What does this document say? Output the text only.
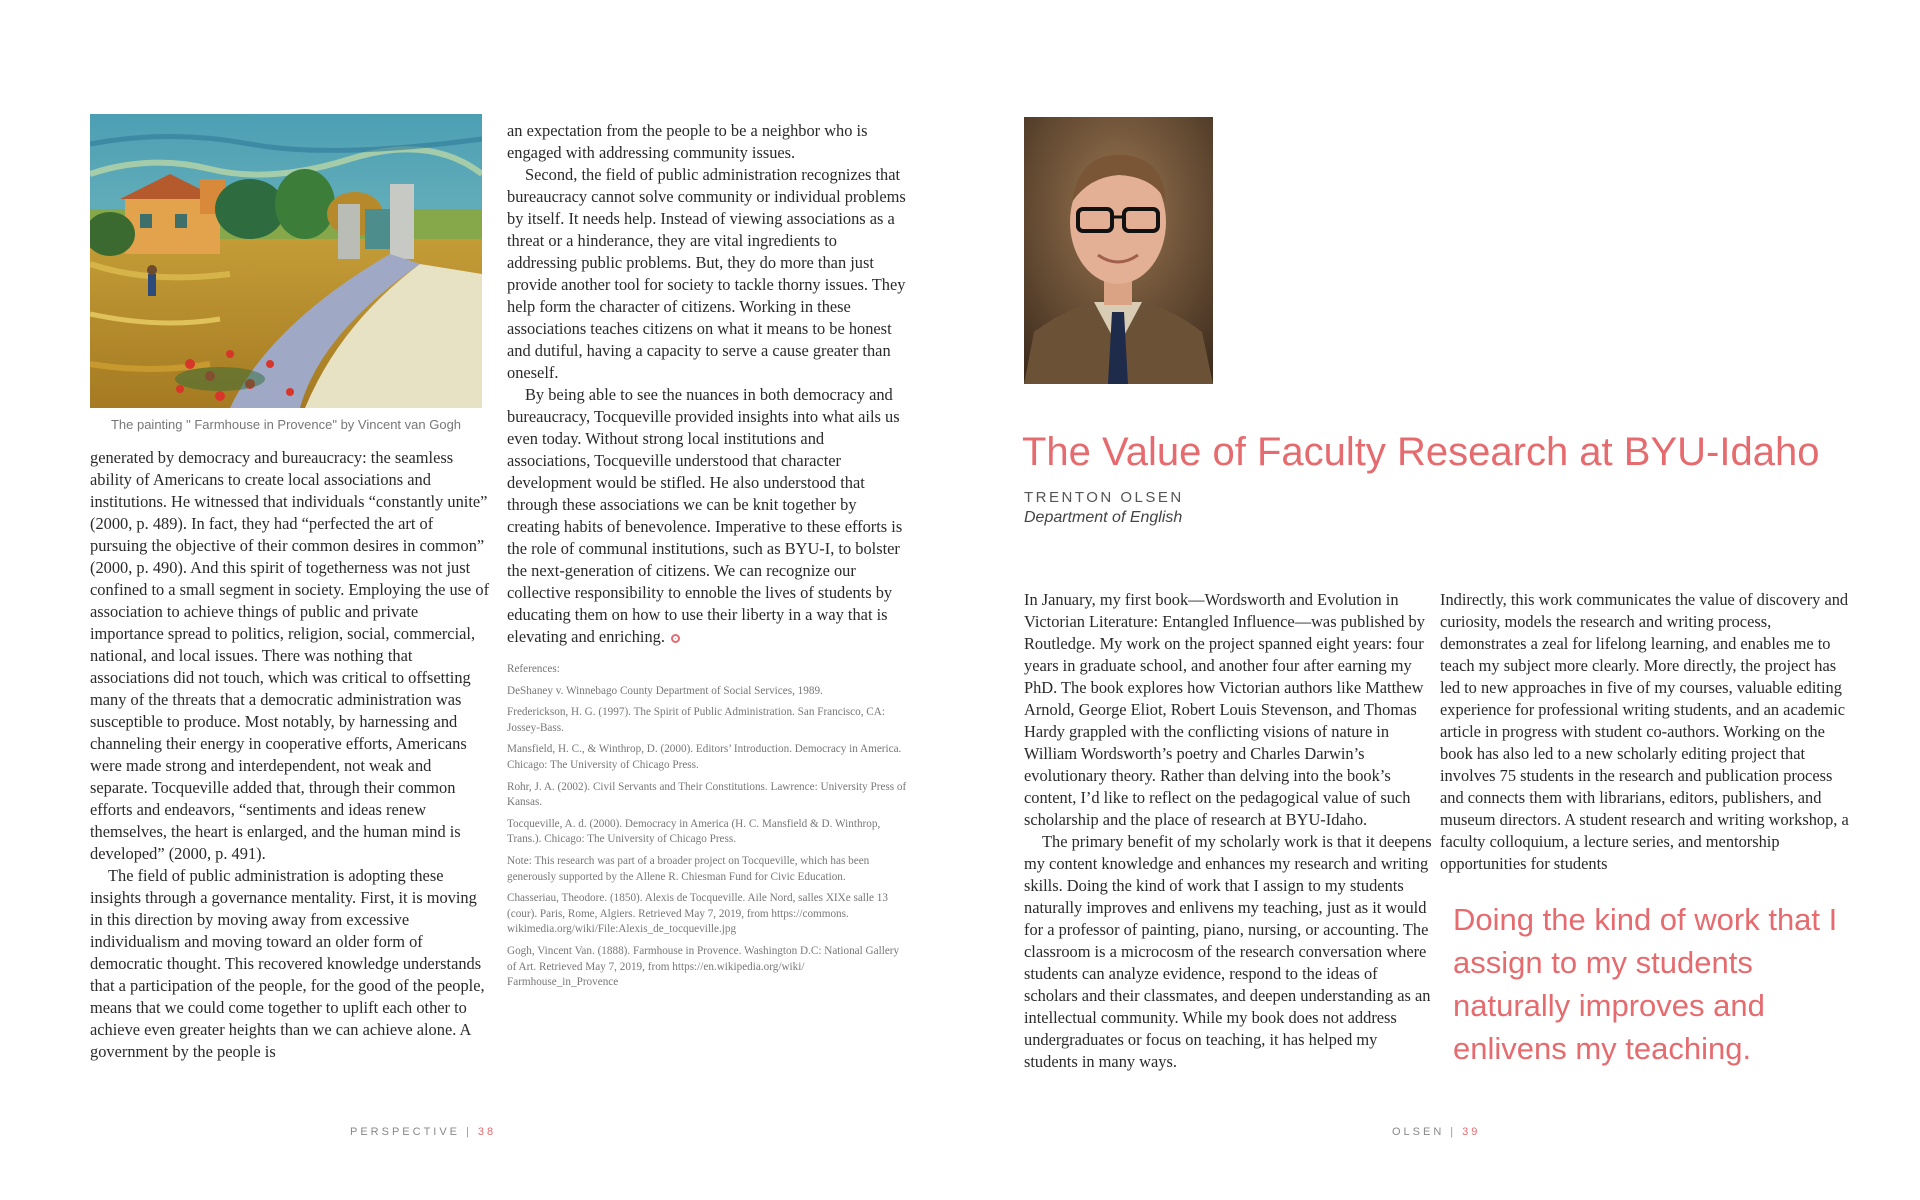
The painting " Farmhouse in Provence" by Vincent van Gogh

generated by democracy and bureaucracy: the seamless ability of Americans to create local associations and institutions. He witnessed that individuals “constantly unite” (2000, p. 489). In fact, they had “perfected the art of pursuing the objective of their common desires in common” (2000, p. 490). And this spirit of togetherness was not just confined to a small segment in society. Employing the use of association to achieve things of public and private importance spread to politics, religion, social, commercial, national, and local issues. There was nothing that associations did not touch, which was critical to offsetting many of the threats that a democratic administration was susceptible to produce. Most notably, by harnessing and channeling their energy in cooperative efforts, Americans were made strong and interdependent, not weak and separate. Tocqueville added that, through their common efforts and endeavors, “sentiments and ideas renew themselves, the heart is enlarged, and the human mind is developed” (2000, p. 491).

The field of public administration is adopting these insights through a governance mentality. First, it is moving in this direction by moving away from excessive individualism and moving toward an older form of democratic thought. This recovered knowledge understands that a participation of the people, for the good of the people, means that we could come together to uplift each other to achieve even greater heights than we can achieve alone. A government by the people is

an expectation from the people to be a neighbor who is engaged with addressing community issues.

Second, the field of public administration recognizes that bureaucracy cannot solve community or individual problems by itself. It needs help. Instead of viewing associations as a threat or a hinderance, they are vital ingredients to addressing public problems. But, they do more than just provide another tool for society to tackle thorny issues. They help form the character of citizens. Working in these associations teaches citizens on what it means to be honest and dutiful, having a capacity to serve a cause greater than oneself.

By being able to see the nuances in both democracy and bureaucracy, Tocqueville provided insights into what ails us even today. Without strong local institutions and associations, Tocqueville understood that character development would be stifled. He also understood that through these associations we can be knit together by creating habits of benevolence. Imperative to these efforts is the role of communal institutions, such as BYU-I, to bolster the next-generation of citizens. We can recognize our collective responsibility to ennoble the lives of students by educating them on how to use their liberty in a way that is elevating and enriching.

References:
DeShaney v. Winnebago County Department of Social Services, 1989.
Frederickson, H. G. (1997). The Spirit of Public Administration. San Francisco, CA: Jossey-Bass.
Mansfield, H. C., & Winthrop, D. (2000). Editors’ Introduction. Democracy in America. Chicago: The University of Chicago Press.
Rohr, J. A. (2002). Civil Servants and Their Constitutions. Lawrence: University Press of Kansas.
Tocqueville, A. d. (2000). Democracy in America (H. C. Mansfield & D. Winthrop, Trans.). Chicago: The University of Chicago Press.
Note: This research was part of a broader project on Tocqueville, which has been generously supported by the Allene R. Chiesman Fund for Civic Education.
Chasseriau, Theodore. (1850). Alexis de Tocqueville. Aile Nord, salles XIXe salle 13 (cour). Paris, Rome, Algiers. Retrieved May 7, 2019, from https://commons. wikimedia.org/wiki/File:Alexis_de_tocqueville.jpg
Gogh, Vincent Van. (1888). Farmhouse in Provence. Washington D.C: National Gallery of Art. Retrieved May 7, 2019, from https://en.wikipedia.org/wiki/ Farmhouse_in_Provence
PERSPECTIVE | 38
The Value of Faculty Research at BYU-Idaho
TRENTON OLSEN
Department of English

In January, my first book—Wordsworth and Evolution in Victorian Literature: Entangled Influence—was published by Routledge. My work on the project spanned eight years: four years in graduate school, and another four after earning my PhD. The book explores how Victorian authors like Matthew Arnold, George Eliot, Robert Louis Stevenson, and Thomas Hardy grappled with the conflicting visions of nature in William Wordsworth’s poetry and Charles Darwin’s evolutionary theory. Rather than delving into the book’s content, I’d like to reflect on the pedagogical value of such scholarship and the place of research at BYU-Idaho.

The primary benefit of my scholarly work is that it deepens my content knowledge and enhances my research and writing skills. Doing the kind of work that I assign to my students naturally improves and enlivens my teaching, just as it would for a professor of painting, piano, nursing, or accounting. The classroom is a microcosm of the research conversation where students can analyze evidence, respond to the ideas of scholars and their classmates, and deepen understanding as an intellectual community. While my book does not address undergraduates or focus on teaching, it has helped my students in many ways.

Indirectly, this work communicates the value of discovery and curiosity, models the research and writing process, demonstrates a zeal for lifelong learning, and enables me to teach my subject more clearly. More directly, the project has led to new approaches in five of my courses, valuable editing experience for professional writing students, and an academic article in progress with student co-authors. Working on the book has also led to a new scholarly editing project that involves 75 students in the research and publication process and connects them with librarians, editors, publishers, and museum directors. A student research and writing workshop, a faculty colloquium, a lecture series, and mentorship opportunities for students

Doing the kind of work that I assign to my students naturally improves and enlivens my teaching.
OLSEN | 39
